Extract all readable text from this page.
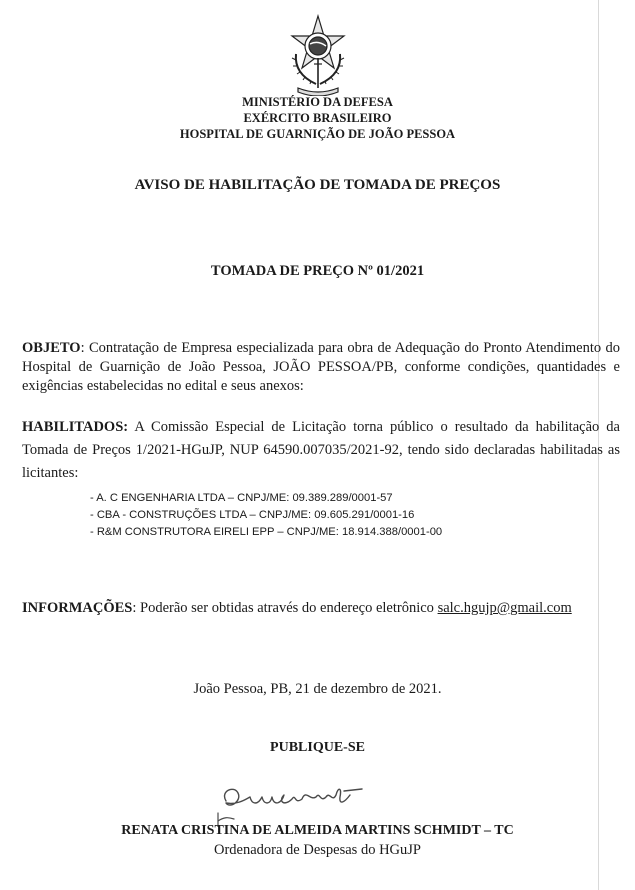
MINISTÉRIO DA DEFESA
EXÉRCITO BRASILEIRO
HOSPITAL DE GUARNIÇÃO DE JOÃO PESSOA
AVISO DE HABILITAÇÃO DE TOMADA DE PREÇOS
TOMADA DE PREÇO Nº 01/2021
OBJETO: Contratação de Empresa especializada para obra de Adequação do Pronto Atendimento do Hospital de Guarnição de João Pessoa, JOÃO PESSOA/PB, conforme condições, quantidades e exigências estabelecidas no edital e seus anexos:
HABILITADOS: A Comissão Especial de Licitação torna público o resultado da habilitação da Tomada de Preços 1/2021-HGuJP, NUP 64590.007035/2021-92, tendo sido declaradas habilitadas as licitantes:
- A. C ENGENHARIA LTDA – CNPJ/ME: 09.389.289/0001-57
- CBA - CONSTRUÇÕES LTDA – CNPJ/ME: 09.605.291/0001-16
- R&M CONSTRUTORA EIRELI EPP – CNPJ/ME: 18.914.388/0001-00
INFORMAÇÕES: Poderão ser obtidas através do endereço eletrônico salc.hgujp@gmail.com
João Pessoa, PB, 21 de dezembro de 2021.
PUBLIQUE-SE
RENATA CRISTINA DE ALMEIDA MARTINS SCHMIDT – TC
Ordenadora de Despesas do HGuJP
